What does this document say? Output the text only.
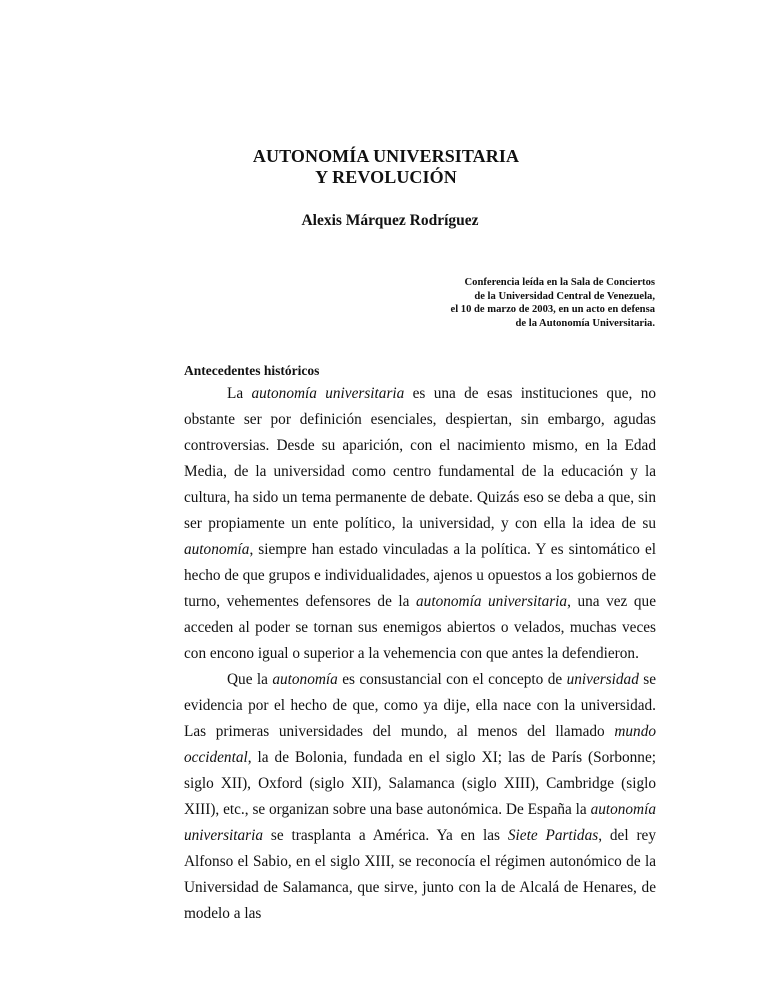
AUTONOMÍA UNIVERSITARIA
Y REVOLUCIÓN
Alexis Márquez Rodríguez
Conferencia leída en la Sala de Conciertos
de la Universidad Central de Venezuela,
el 10 de marzo de 2003, en un acto en defensa
de la Autonomía Universitaria.
Antecedentes históricos

La autonomía universitaria es una de esas instituciones que, no obstante ser por definición esenciales, despiertan, sin embargo, agudas controversias. Desde su aparición, con el nacimiento mismo, en la Edad Media, de la universidad como centro fundamental de la educación y la cultura, ha sido un tema permanente de debate. Quizás eso se deba a que, sin ser propiamente un ente político, la universidad, y con ella la idea de su autonomía, siempre han estado vinculadas a la política. Y es sintomático el hecho de que grupos e individualidades, ajenos u opuestos a los gobiernos de turno, vehementes defensores de la autonomía universitaria, una vez que acceden al poder se tornan sus enemigos abiertos o velados, muchas veces con encono igual o superior a la vehemencia con que antes la defendieron.

Que la autonomía es consustancial con el concepto de universidad se evidencia por el hecho de que, como ya dije, ella nace con la universidad. Las primeras universidades del mundo, al menos del llamado mundo occidental, la de Bolonia, fundada en el siglo XI; las de París (Sorbonne; siglo XII), Oxford (siglo XII), Salamanca (siglo XIII), Cambridge (siglo XIII), etc., se organizan sobre una base autonómica. De España la autonomía universitaria se trasplanta a América. Ya en las Siete Partidas, del rey Alfonso el Sabio, en el siglo XIII, se reconocía el régimen autonómico de la Universidad de Salamanca, que sirve, junto con la de Alcalá de Henares, de modelo a las
